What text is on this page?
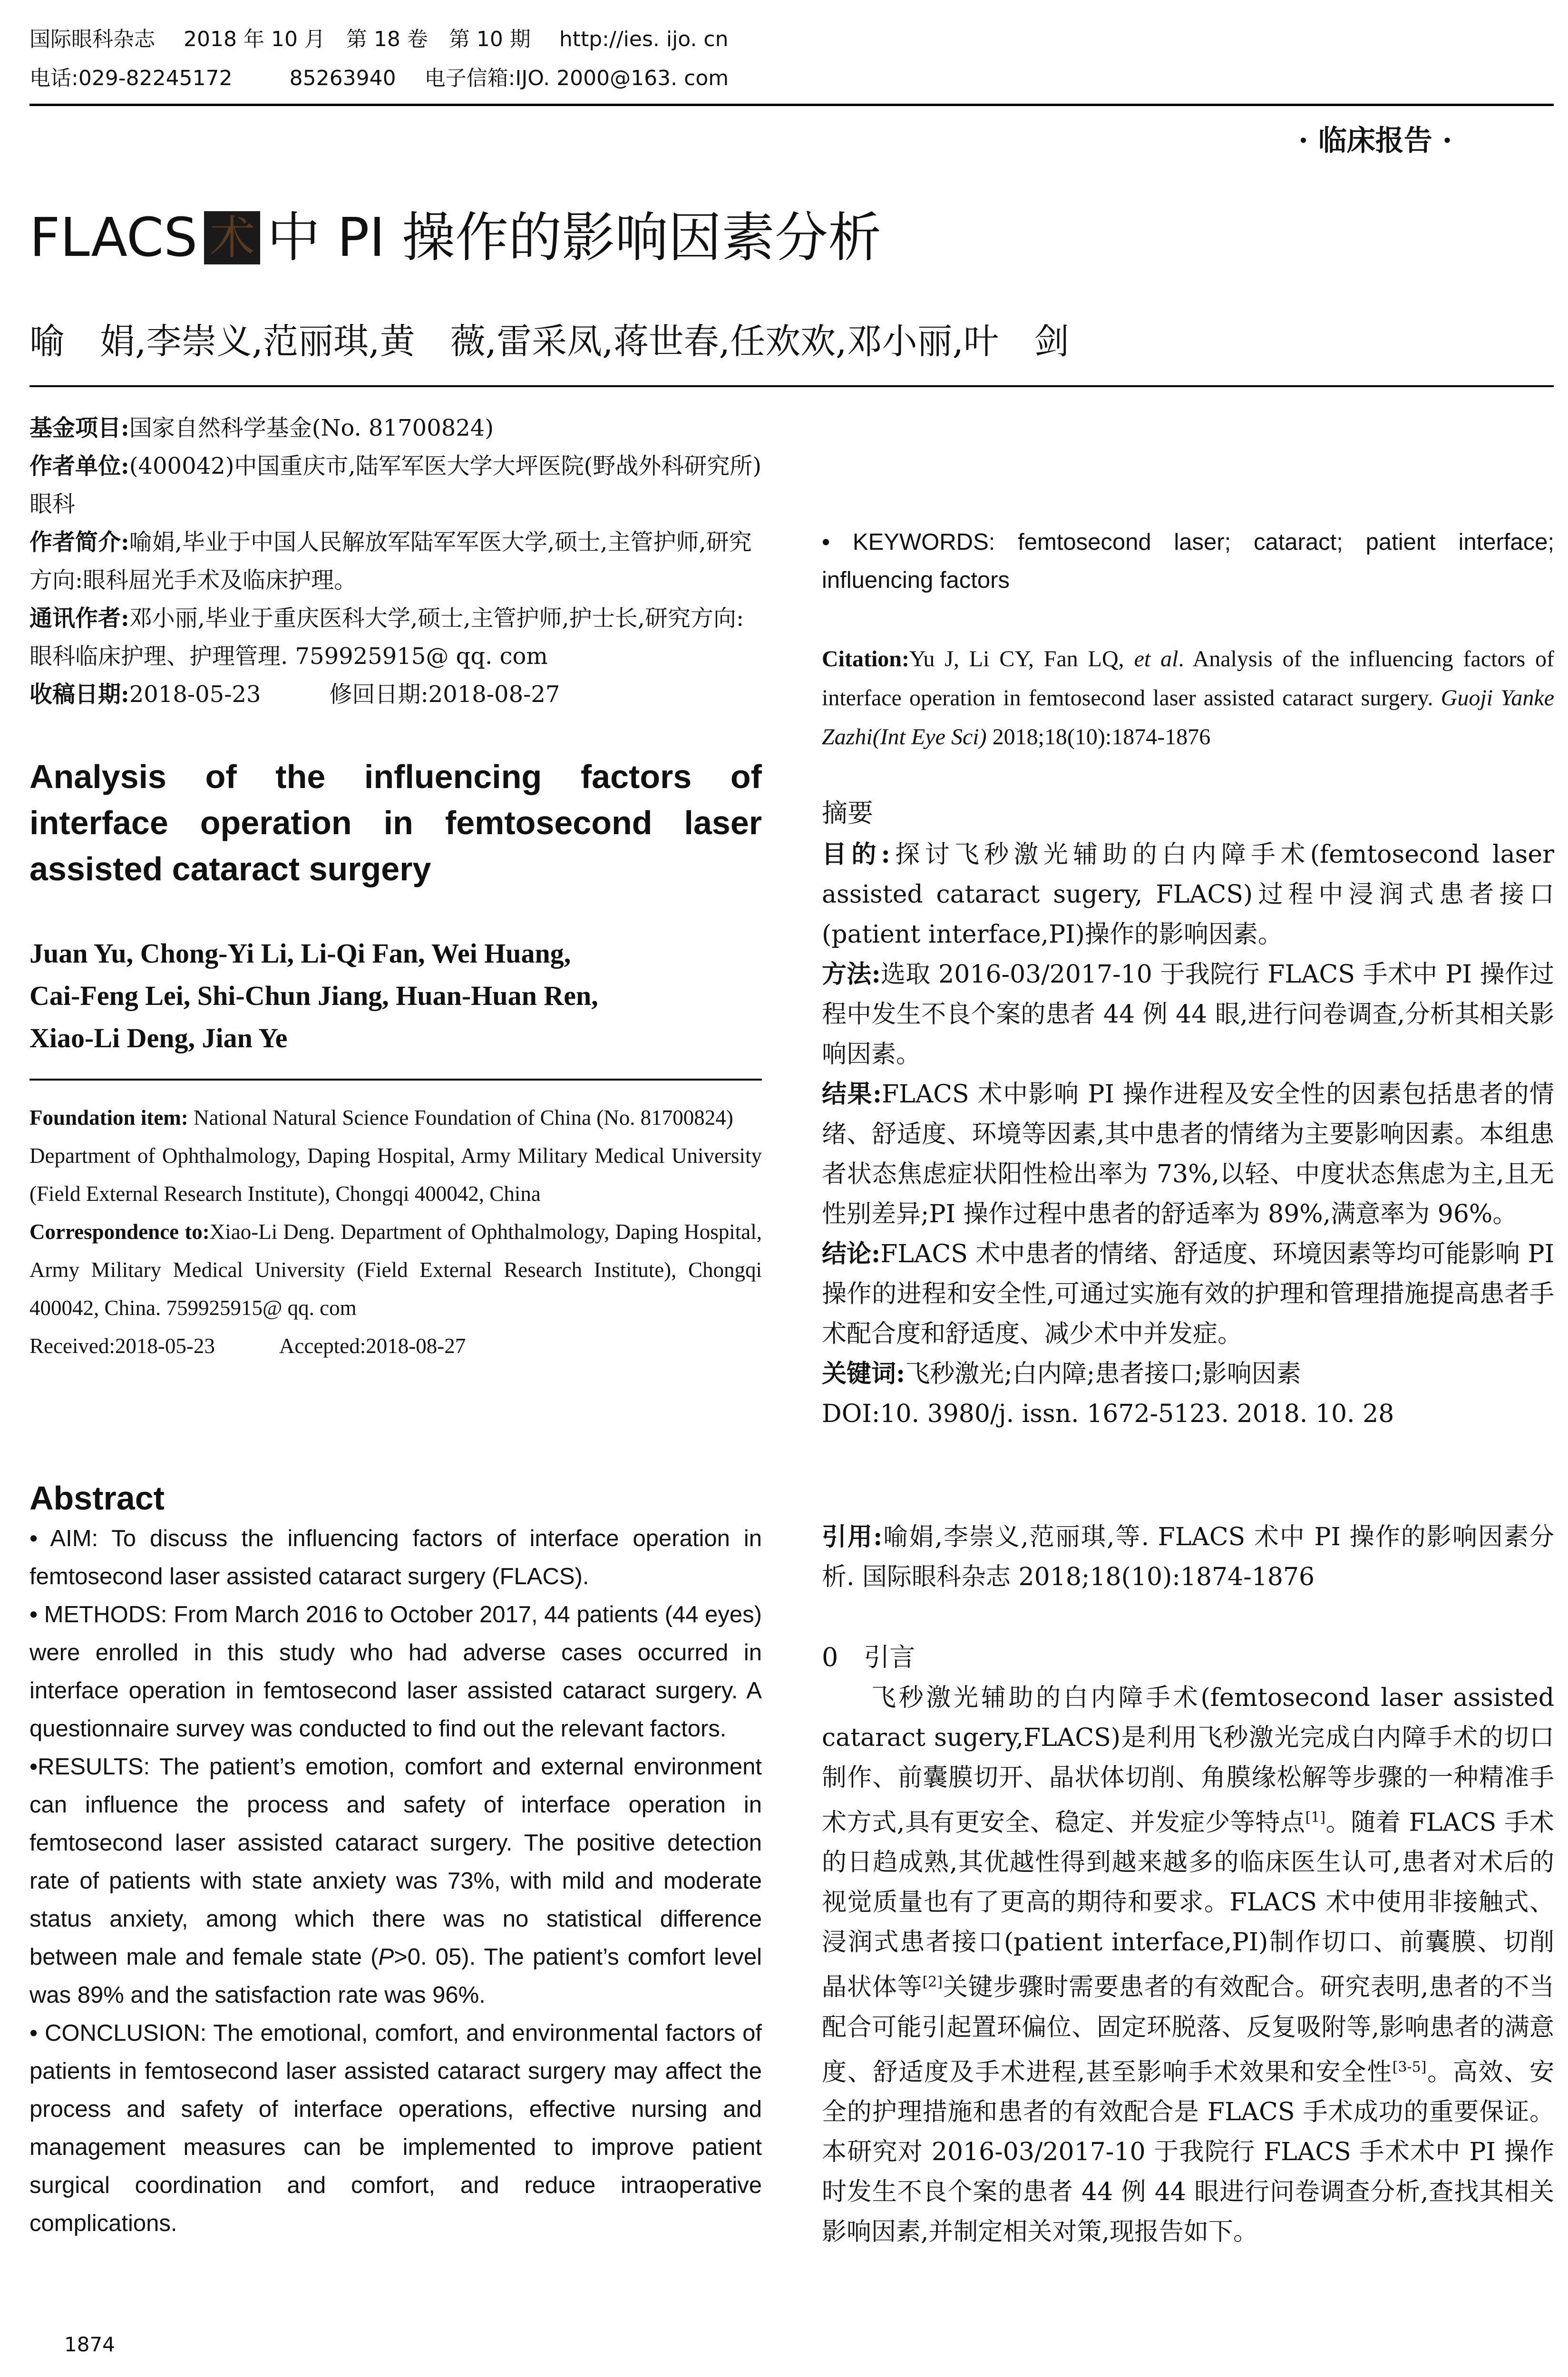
国际眼科杂志 2018 年 10 月　第 18 卷　第 10 期 http://ies. ijo. cn
电话:029-82245172	85263940 电子信箱:IJO. 2000@163. com
· 临床报告 ·
FLACS 术 中 PI 操作的影响因素分析
喻　娟,李崇义,范丽琪,黄　薇,雷采凤,蒋世春,任欢欢,邓小丽,叶　剑
基金项目:国家自然科学基金(No. 81700824)
作者单位:(400042)中国重庆市,陆军军医大学大坪医院(野战外科研究所)眼科
作者简介:喻娟,毕业于中国人民解放军陆军军医大学,硕士,主管护师,研究方向:眼科屈光手术及临床护理。
通讯作者:邓小丽,毕业于重庆医科大学,硕士,主管护师,护士长,研究方向:眼科临床护理、护理管理. 759925915@ qq. com
收稿日期:2018-05-23　　　修回日期:2018-08-27
Analysis of the influencing factors of
interface operation in femtosecond laser
assisted cataract surgery
Juan Yu, Chong-Yi Li, Li-Qi Fan, Wei Huang,
Cai-Feng Lei, Shi-Chun Jiang, Huan-Huan Ren,
Xiao-Li Deng, Jian Ye
Foundation item: National Natural Science Foundation of China (No. 81700824)
Department of Ophthalmology, Daping Hospital, Army Military Medical University (Field External Research Institute), Chongqi 400042, China
Correspondence to:Xiao-Li Deng. Department of Ophthalmology, Daping Hospital, Army Military Medical University (Field External Research Institute), Chongqi 400042, China. 759925915@ qq. com
Received:2018-05-23　　　Accepted:2018-08-27
Abstract
• AIM: To discuss the influencing factors of interface operation in femtosecond laser assisted cataract surgery (FLACS).
• METHODS: From March 2016 to October 2017, 44 patients (44 eyes) were enrolled in this study who had adverse cases occurred in interface operation in femtosecond laser assisted cataract surgery. A questionnaire survey was conducted to find out the relevant factors.
•RESULTS: The patient’s emotion, comfort and external environment can influence the process and safety of interface operation in femtosecond laser assisted cataract surgery. The positive detection rate of patients with state anxiety was 73%, with mild and moderate status anxiety, among which there was no statistical difference between male and female state (P>0. 05). The patient’s comfort level was 89% and the satisfaction rate was 96%.
• CONCLUSION: The emotional, comfort, and environmental factors of patients in femtosecond laser assisted cataract surgery may affect the process and safety of interface operations, effective nursing and management measures can be implemented to improve patient surgical coordination and comfort, and reduce intraoperative complications.
1874
• KEYWORDS: femtosecond laser; cataract; patient interface; influencing factors
Citation:Yu J, Li CY, Fan LQ, et al. Analysis of the influencing factors of interface operation in femtosecond laser assisted cataract surgery. Guoji Yanke Zazhi(Int Eye Sci) 2018;18(10):1874-1876
摘要
目的:探讨飞秒激光辅助的白内障手术(femtosecond laser assisted cataract sugery, FLACS)过程中浸润式患者接口(patient interface,PI)操作的影响因素。
方法:选取 2016-03/2017-10 于我院行 FLACS 手术中 PI 操作过程中发生不良个案的患者 44 例 44 眼,进行问卷调查,分析其相关影响因素。
结果:FLACS 术中影响 PI 操作进程及安全性的因素包括患者的情绪、舒适度、环境等因素,其中患者的情绪为主要影响因素。本组患者状态焦虑症状阳性检出率为 73%,以轻、中度状态焦虑为主,且无性别差异;PI 操作过程中患者的舒适率为 89%,满意率为 96%。
结论:FLACS 术中患者的情绪、舒适度、环境因素等均可能影响 PI 操作的进程和安全性,可通过实施有效的护理和管理措施提高患者手术配合度和舒适度、减少术中并发症。
关键词:飞秒激光;白内障;患者接口;影响因素
DOI:10. 3980/j. issn. 1672-5123. 2018. 10. 28
引用:喻娟,李崇义,范丽琪,等. FLACS 术中 PI 操作的影响因素分析. 国际眼科杂志 2018;18(10):1874-1876
0　引言
飞秒激光辅助的白内障手术(femtosecond laser assisted cataract sugery,FLACS)是利用飞秒激光完成白内障手术的切口制作、前囊膜切开、晶状体切削、角膜缘松解等步骤的一种精准手术方式,具有更安全、稳定、并发症少等特点[1]。随着 FLACS 手术的日趋成熟,其优越性得到越来越多的临床医生认可,患者对术后的视觉质量也有了更高的期待和要求。FLACS 术中使用非接触式、浸润式患者接口(patient interface,PI)制作切口、前囊膜、切削晶状体等[2]关键步骤时需要患者的有效配合。研究表明,患者的不当配合可能引起置环偏位、固定环脱落、反复吸附等,影响患者的满意度、舒适度及手术进程,甚至影响手术效果和安全性[3-5]。高效、安全的护理措施和患者的有效配合是 FLACS 手术成功的重要保证。本研究对 2016-03/2017-10 于我院行 FLACS 手术术中 PI 操作时发生不良个案的患者 44 例 44 眼进行问卷调查分析,查找其相关影响因素,并制定相关对策,现报告如下。
